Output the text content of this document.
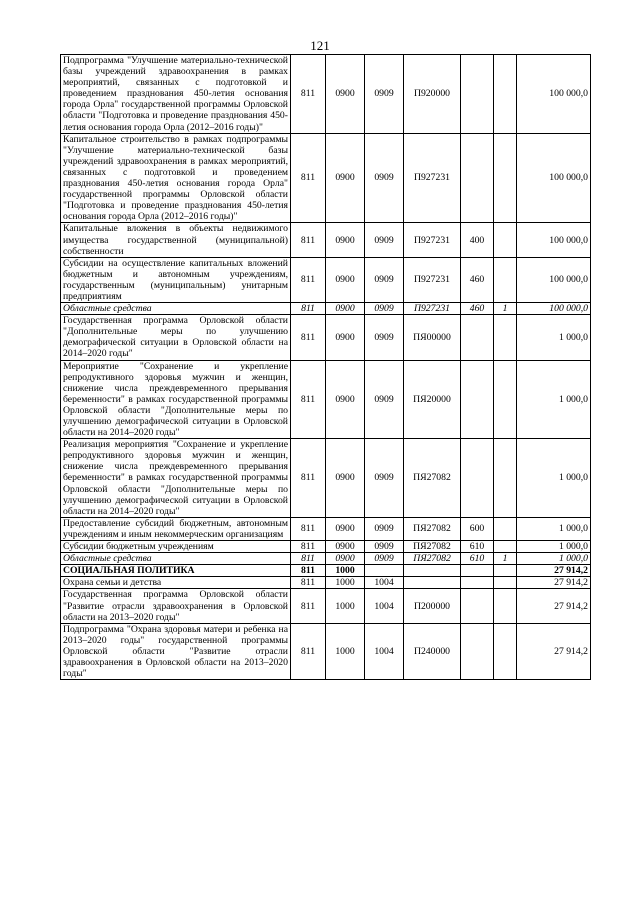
121
Подпрограмма "Улучшение материально-технической базы учреждений здравоохранения в рамках мероприятий, связанных с подготовкой и проведением празднования 450-летия основания города Орла" государственной программы Орловской области "Подготовка и проведение празднования 450-летия основания города Орла (2012–2016 годы)"	811	0900	0909	П920000			100 000,0
Капитальное строительство в рамках подпрограммы "Улучшение материально-технической базы учреждений здравоохранения в рамках мероприятий, связанных с подготовкой и проведением празднования 450-летия основания города Орла" государственной программы Орловской области "Подготовка и проведение празднования 450-летия основания города Орла (2012–2016 годы)"	811	0900	0909	П927231			100 000,0
Капитальные вложения в объекты недвижимого имущества государственной (муниципальной) собственности	811	0900	0909	П927231	400		100 000,0
Субсидии на осуществление капитальных вложений бюджетным и автономным учреждениям, государственным (муниципальным) унитарным предприятиям	811	0900	0909	П927231	460		100 000,0
Областные средства	811	0900	0909	П927231	460	1	100 000,0
Государственная программа Орловской области "Дополнительные меры по улучшению демографической ситуации в Орловской области на 2014–2020 годы"	811	0900	0909	ПЯ00000			1 000,0
Мероприятие "Сохранение и укрепление репродуктивного здоровья мужчин и женщин, снижение числа преждевременного прерывания беременности" в рамках государственной программы Орловской области "Дополнительные меры по улучшению демографической ситуации в Орловской области на 2014–2020 годы"	811	0900	0909	ПЯ20000			1 000,0
Реализация мероприятия "Сохранение и укрепление репродуктивного здоровья мужчин и женщин, снижение числа преждевременного прерывания беременности" в рамках государственной программы Орловской области "Дополнительные меры по улучшению демографической ситуации в Орловской области на 2014–2020 годы"	811	0900	0909	ПЯ27082			1 000,0
Предоставление субсидий бюджетным, автономным учреждениям и иным некоммерческим организациям	811	0900	0909	ПЯ27082	600		1 000,0
Субсидии бюджетным учреждениям	811	0900	0909	ПЯ27082	610		1 000,0
Областные средства	811	0900	0909	ПЯ27082	610	1	1 000,0
СОЦИАЛЬНАЯ ПОЛИТИКА	811	1000					27 914,2
Охрана семьи и детства	811	1000	1004				27 914,2
Государственная программа Орловской области "Развитие отрасли здравоохранения в Орловской области на 2013–2020 годы"	811	1000	1004	П200000			27 914,2
Подпрограмма "Охрана здоровья матери и ребенка на 2013–2020 годы" государственной программы Орловской области "Развитие отрасли здравоохранения в Орловской области на 2013–2020 годы"	811	1000	1004	П240000			27 914,2
